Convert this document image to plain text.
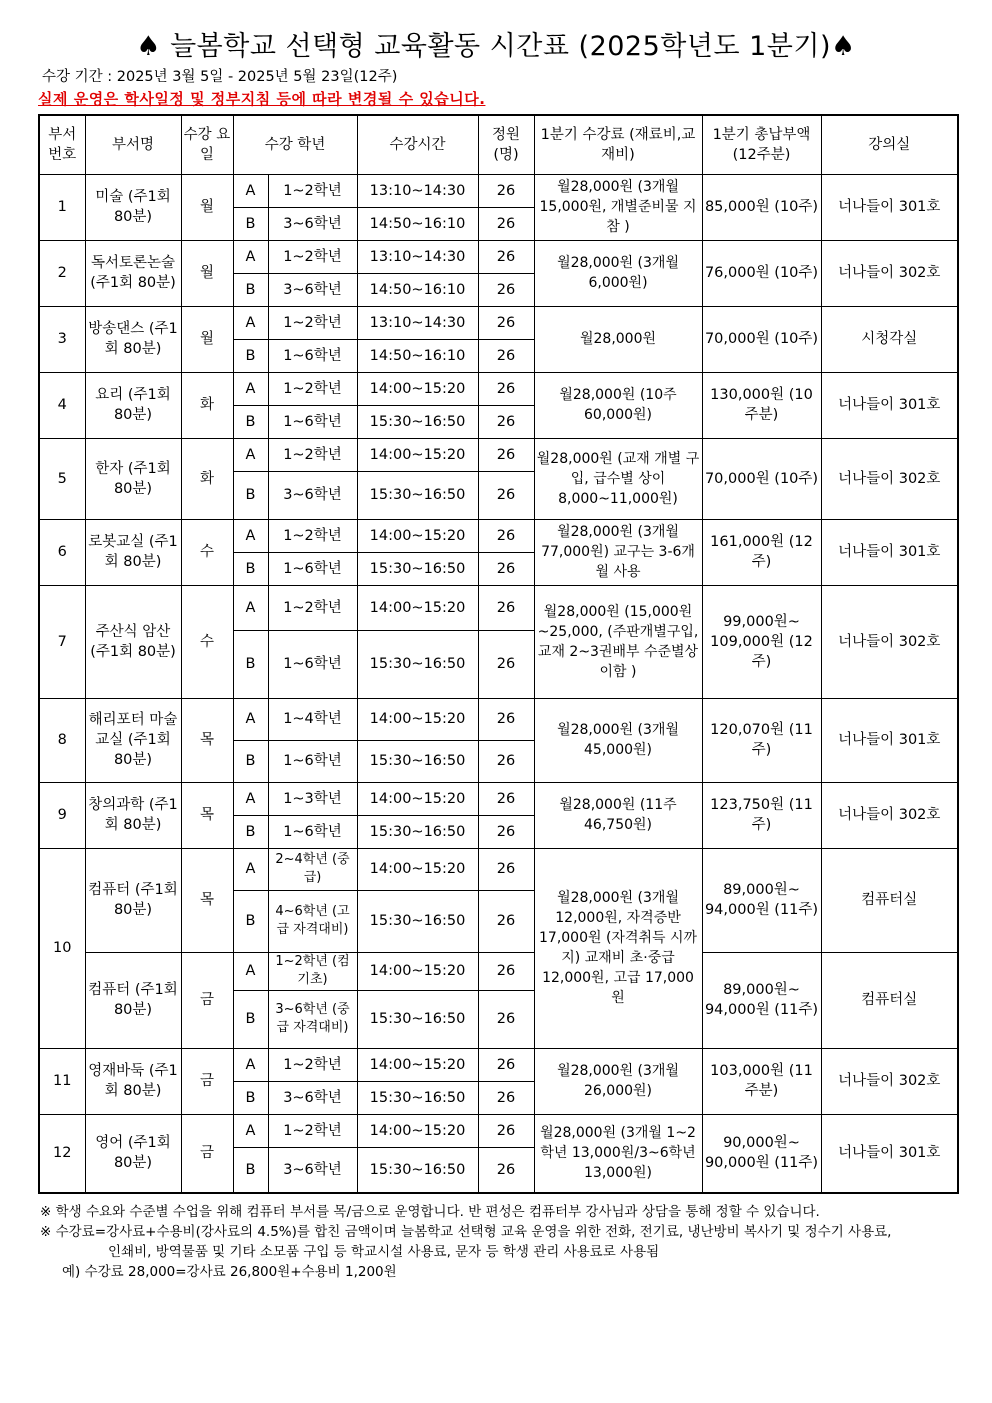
♠ 늘봄학교 선택형 교육활동 시간표 (2025학년도 1분기)♠
수강 기간 : 2025년 3월 5일 - 2025년 5월 23일(12주)
실제 운영은 학사일정 및 정부지침 등에 따라 변경될 수 있습니다.
부서 번호	부서명	수강 요일	수강 학년		수강시간	정원 (명)	1분기 수강료 (재료비,교재비)	1분기 총납부액 (12주분)	강의실
1	미술 (주1회 80분)	월	A	1~2학년	13:10~14:30	26	월28,000원 (3개월 15,000원, 개별준비물 지참 )	85,000원 (10주)	너나들이 301호
			B	3~6학년	14:50~16:10	26			
2	독서토론논술 (주1회 80분)	월	A	1~2학년	13:10~14:30	26	월28,000원 (3개월 6,000원)	76,000원 (10주)	너나들이 302호
			B	3~6학년	14:50~16:10	26			
3	방송댄스 (주1회 80분)	월	A	1~2학년	13:10~14:30	26	월28,000원	70,000원 (10주)	시청각실
			B	1~6학년	14:50~16:10	26			
4	요리 (주1회 80분)	화	A	1~2학년	14:00~15:20	26	월28,000원 (10주 60,000원)	130,000원 (10주분)	너나들이 301호
			B	1~6학년	15:30~16:50	26			
5	한자 (주1회 80분)	화	A	1~2학년	14:00~15:20	26	월28,000원 (교재 개별 구입, 급수별 상이 8,000~11,000원)	70,000원 (10주)	너나들이 302호
			B	3~6학년	15:30~16:50	26			
6	로봇교실 (주1회 80분)	수	A	1~2학년	14:00~15:20	26	월28,000원 (3개월77,000원) 교구는 3-6개월 사용	161,000원 (12주)	너나들이 301호
			B	1~6학년	15:30~16:50	26			
7	주산식 암산 (주1회 80분)	수	A	1~2학년	14:00~15:20	26	월28,000원 (15,000원~25,000, (주판개별구입, 교재 2~3권배부 수준별상이함 )	99,000원~ 109,000원 (12주)	너나들이 302호
			B	1~6학년	15:30~16:50	26			
8	해리포터 마술교실 (주1회 80분)	목	A	1~4학년	14:00~15:20	26	월28,000원 (3개월 45,000원)	120,070원 (11주)	너나들이 301호
			B	1~6학년	15:30~16:50	26			
9	창의과학 (주1회 80분)	목	A	1~3학년	14:00~15:20	26	월28,000원 (11주 46,750원)	123,750원 (11주)	너나들이 302호
			B	1~6학년	15:30~16:50	26			
10	컴퓨터 (주1회 80분)	목	A	2~4학년 (중급)	14:00~15:20	26	월28,000원 (3개월 12,000원, 자격증반 17,000원 (자격취득 시까지) 교재비 초·중급 12,000원, 고급 17,000원	89,000원~ 94,000원 (11주)	컴퓨터실
			B	4~6학년 (고급 자격대비)	15:30~16:50	26			
	컴퓨터 (주1회 80분)	금	A	1~2학년 (컴기초)	14:00~15:20	26		89,000원~ 94,000원 (11주)	컴퓨터실
			B	3~6학년 (중급 자격대비)	15:30~16:50	26			
11	영재바둑 (주1회 80분)	금	A	1~2학년	14:00~15:20	26	월28,000원 (3개월 26,000원)	103,000원 (11주분)	너나들이 302호
			B	3~6학년	15:30~16:50	26			
12	영어 (주1회 80분)	금	A	1~2학년	14:00~15:20	26	월28,000원 (3개월 1~2학년 13,000원/3~6학년 13,000원)	90,000원~ 90,000원 (11주)	너나들이 301호
			B	3~6학년	15:30~16:50	26			
※ 학생 수요와 수준별 수업을 위해 컴퓨터 부서를 목/금으로 운영합니다. 반 편성은 컴퓨터부 강사님과 상담을 통해 정할 수 있습니다.
※ 수강료=강사료+수용비(강사료의 4.5%)를 합친 금액이며 늘봄학교 선택형 교육 운영을 위한 전화, 전기료, 냉난방비 복사기 및 정수기 사용료,
인쇄비, 방역물품 및 기타 소모품 구입 등 학교시설 사용료, 문자 등 학생 관리 사용료로 사용됨
예) 수강료 28,000=강사료 26,800원+수용비 1,200원
